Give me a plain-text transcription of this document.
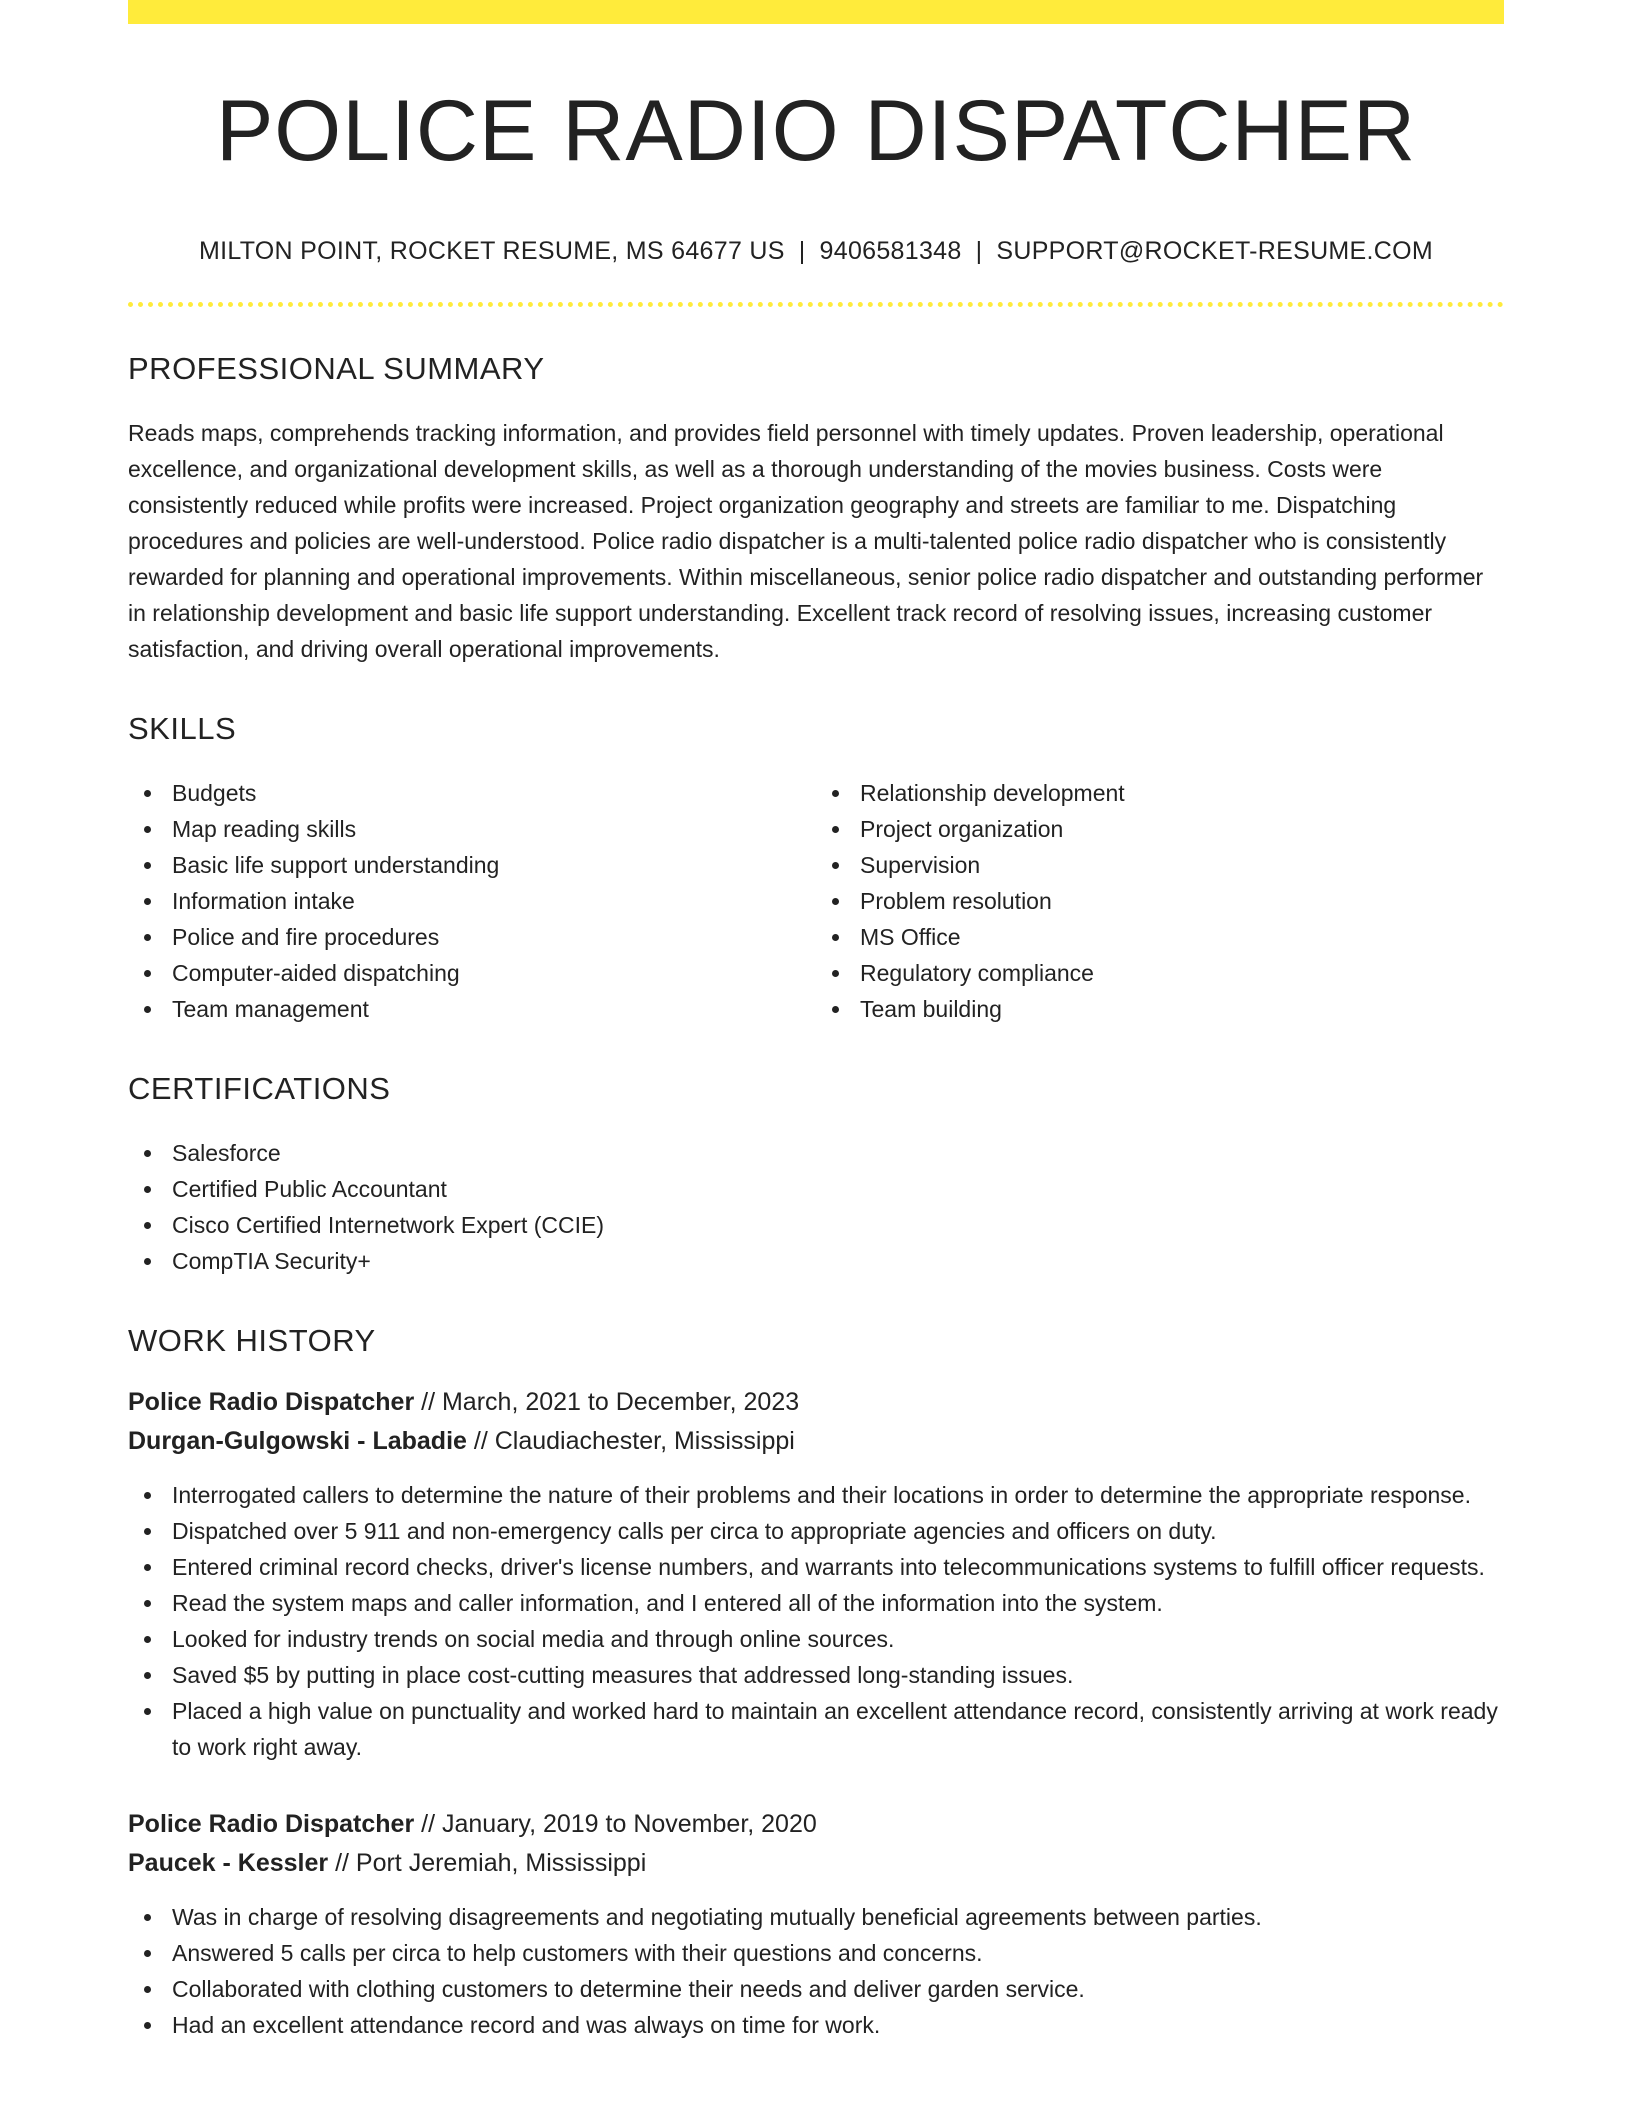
POLICE RADIO DISPATCHER
MILTON POINT, ROCKET RESUME, MS 64677 US | 9406581348 | SUPPORT@ROCKET-RESUME.COM
PROFESSIONAL SUMMARY

Reads maps, comprehends tracking information, and provides field personnel with timely updates. Proven leadership, operational excellence, and organizational development skills, as well as a thorough understanding of the movies business. Costs were consistently reduced while profits were increased. Project organization geography and streets are familiar to me. Dispatching procedures and policies are well-understood. Police radio dispatcher is a multi-talented police radio dispatcher who is consistently rewarded for planning and operational improvements. Within miscellaneous, senior police radio dispatcher and outstanding performer in relationship development and basic life support understanding. Excellent track record of resolving issues, increasing customer satisfaction, and driving overall operational improvements.

SKILLS
Budgets
Map reading skills
Basic life support understanding
Information intake
Police and fire procedures
Computer-aided dispatching
Team management
Relationship development
Project organization
Supervision
Problem resolution
MS Office
Regulatory compliance
Team building
CERTIFICATIONS
Salesforce
Certified Public Accountant
Cisco Certified Internetwork Expert (CCIE)
CompTIA Security+
WORK HISTORY
Police Radio Dispatcher // March, 2021 to December, 2023
Durgan-Gulgowski - Labadie // Claudiachester, Mississippi
Interrogated callers to determine the nature of their problems and their locations in order to determine the appropriate response.
Dispatched over 5 911 and non-emergency calls per circa to appropriate agencies and officers on duty.
Entered criminal record checks, driver's license numbers, and warrants into telecommunications systems to fulfill officer requests.
Read the system maps and caller information, and I entered all of the information into the system.
Looked for industry trends on social media and through online sources.
Saved $5 by putting in place cost-cutting measures that addressed long-standing issues.
Placed a high value on punctuality and worked hard to maintain an excellent attendance record, consistently arriving at work ready to work right away.
Police Radio Dispatcher // January, 2019 to November, 2020
Paucek - Kessler // Port Jeremiah, Mississippi
Was in charge of resolving disagreements and negotiating mutually beneficial agreements between parties.
Answered 5 calls per circa to help customers with their questions and concerns.
Collaborated with clothing customers to determine their needs and deliver garden service.
Had an excellent attendance record and was always on time for work.
